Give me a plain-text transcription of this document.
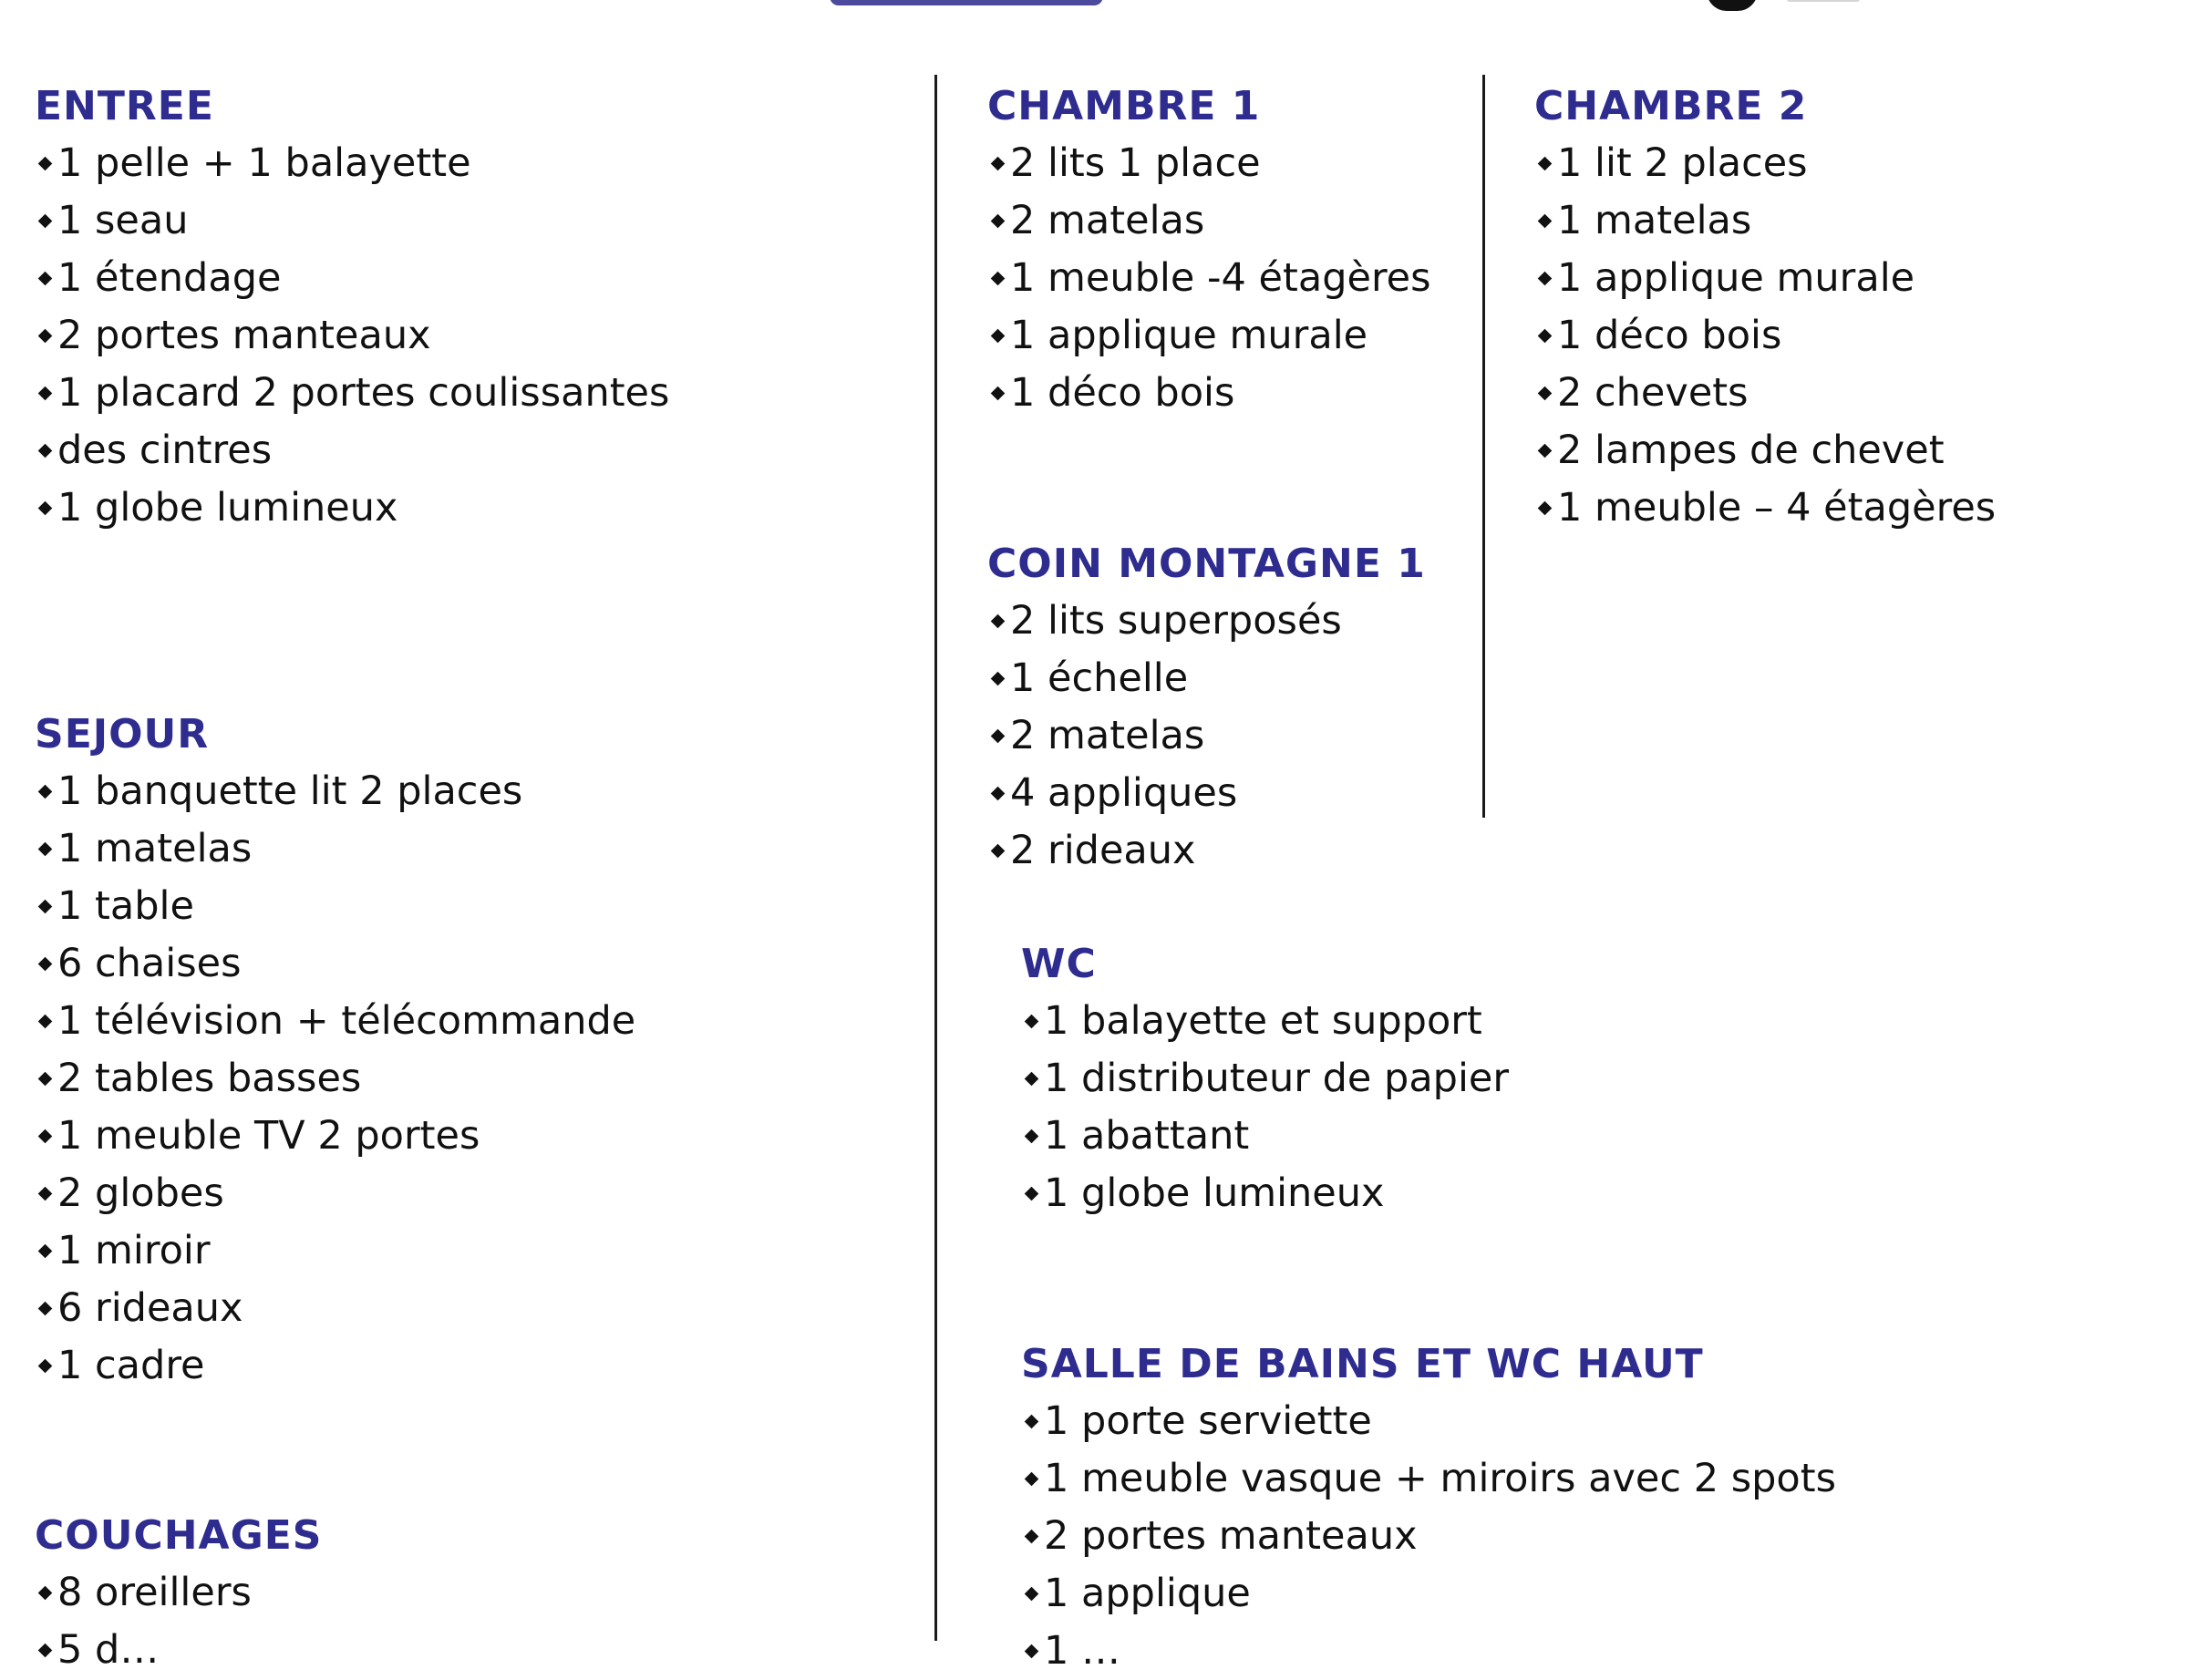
ENTREE
1 pelle + 1 balayette
1 seau
1 étendage
2 portes manteaux
1 placard 2 portes coulissantes
des cintres
1 globe lumineux
SEJOUR
1 banquette lit 2 places
1 matelas
1 table
6 chaises
1 télévision + télécommande
2 tables basses
1 meuble TV 2 portes
2 globes
1 miroir
6 rideaux
1 cadre
COUCHAGES
8 oreillers
5 d…
CHAMBRE 1
2 lits 1 place
2 matelas
1 meuble -4 étagères
1 applique murale
1 déco bois
COIN MONTAGNE 1
2 lits superposés
1 échelle
2 matelas
4 appliques
2 rideaux
WC
1 balayette et support
1 distributeur de papier
1 abattant
1 globe lumineux
SALLE DE BAINS ET WC HAUT
1 porte serviette
1 meuble vasque + miroirs avec 2 spots
2 portes manteaux
1 applique
1 …
CHAMBRE 2
1 lit 2 places
1 matelas
1 applique murale
1 déco bois
2 chevets
2 lampes de chevet
1 meuble – 4 étagères
